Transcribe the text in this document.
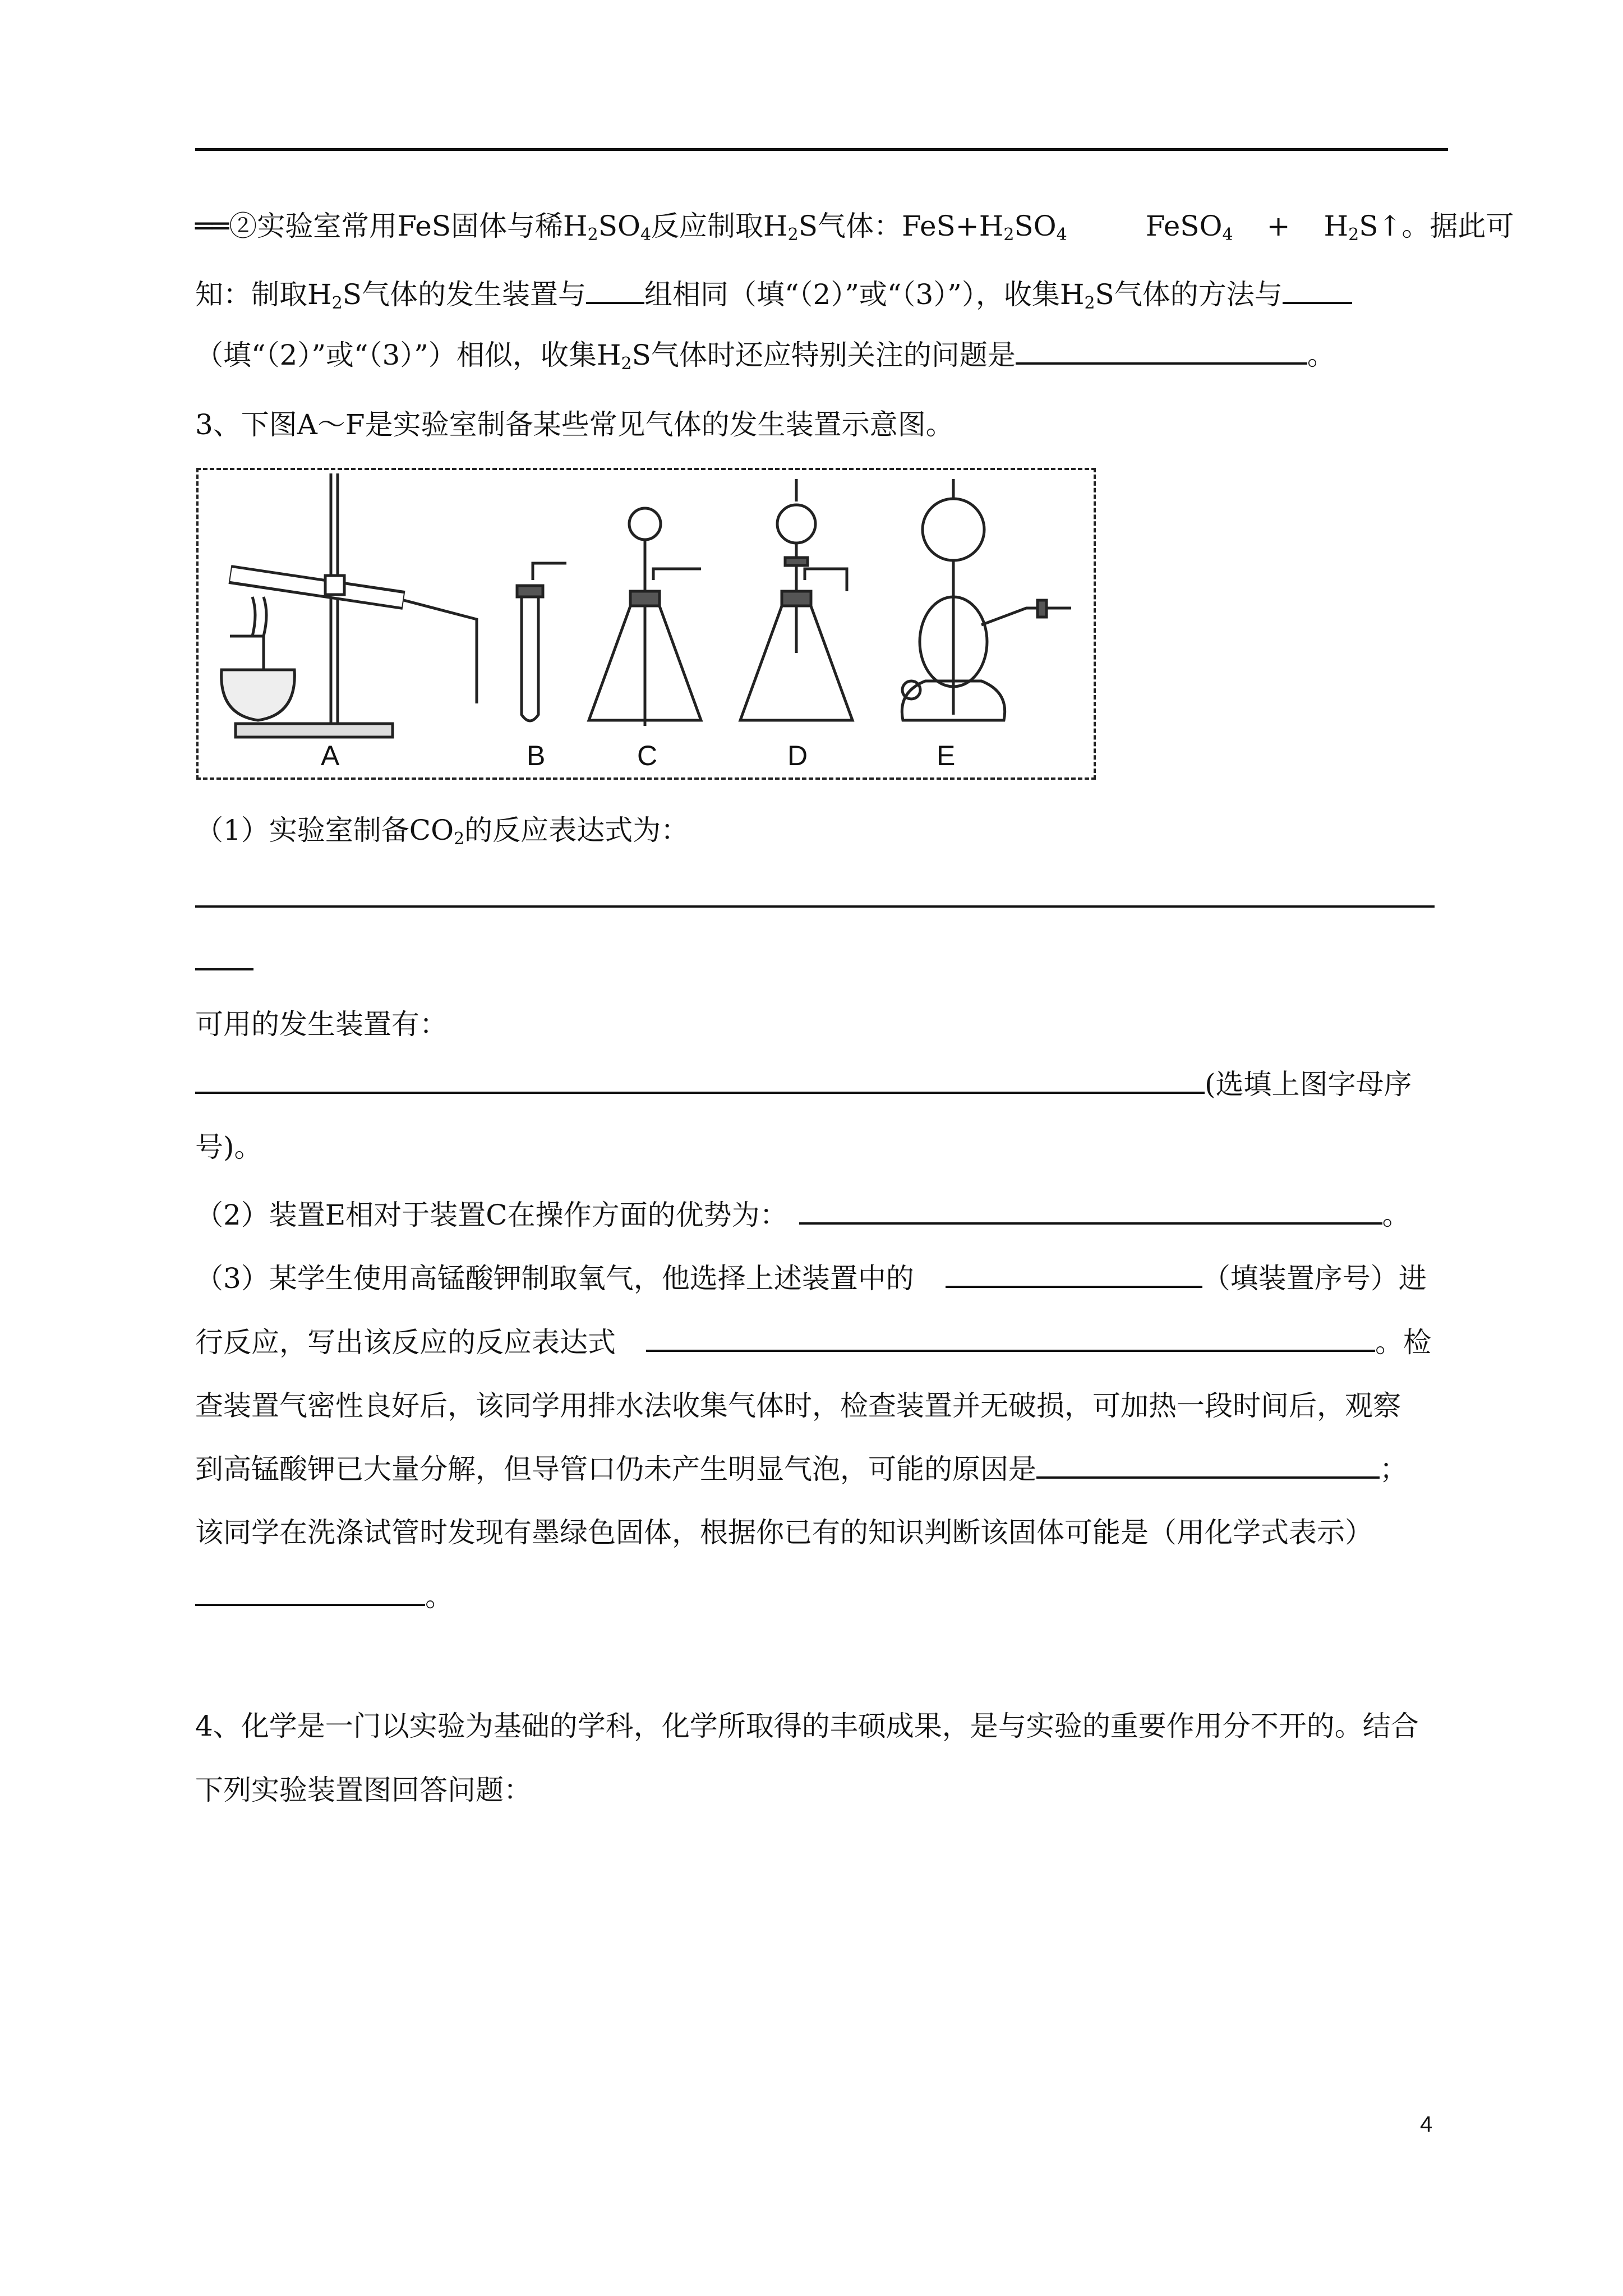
══②实验室常用FeS固体与稀$H_2SO_4$反应制取$H_2S$气体：$FeS+H_2SO_4$	FeSO$_4$ + $H_2S↑$。据此可
知：制取$H_2S$气体的发生装置与 组相同（填“（2）”或“（3）”），收集$H_2S$气体的方法与
（填“（2）”或“（3）”）相似，收集$H_2S$气体时还应特别关注的问题是	。
3、下图A～F是实验室制备某些常见气体的发生装置示意图。
A	B	C	D	E
（1）实验室制备$CO_2$的反应表达式为：
可用的发生装置有：
(选填上图字母序
号)。
（2）装置E相对于装置C在操作方面的优势为：	。
（3）某学生使用高锰酸钾制取氧气，他选择上述装置中的	（填装置序号）进
行反应，写出该反应的反应表达式	。检
查装置气密性良好后，该同学用排水法收集气体时，检查装置并无破损，可加热一段时间后，观察
到高锰酸钾已大量分解，但导管口仍未产生明显气泡，可能的原因是	；
该同学在洗涤试管时发现有墨绿色固体，根据你已有的知识判断该固体可能是（用化学式表示）
。
4、化学是一门以实验为基础的学科，化学所取得的丰硕成果，是与实验的重要作用分不开的。结合
下列实验装置图回答问题：
4
